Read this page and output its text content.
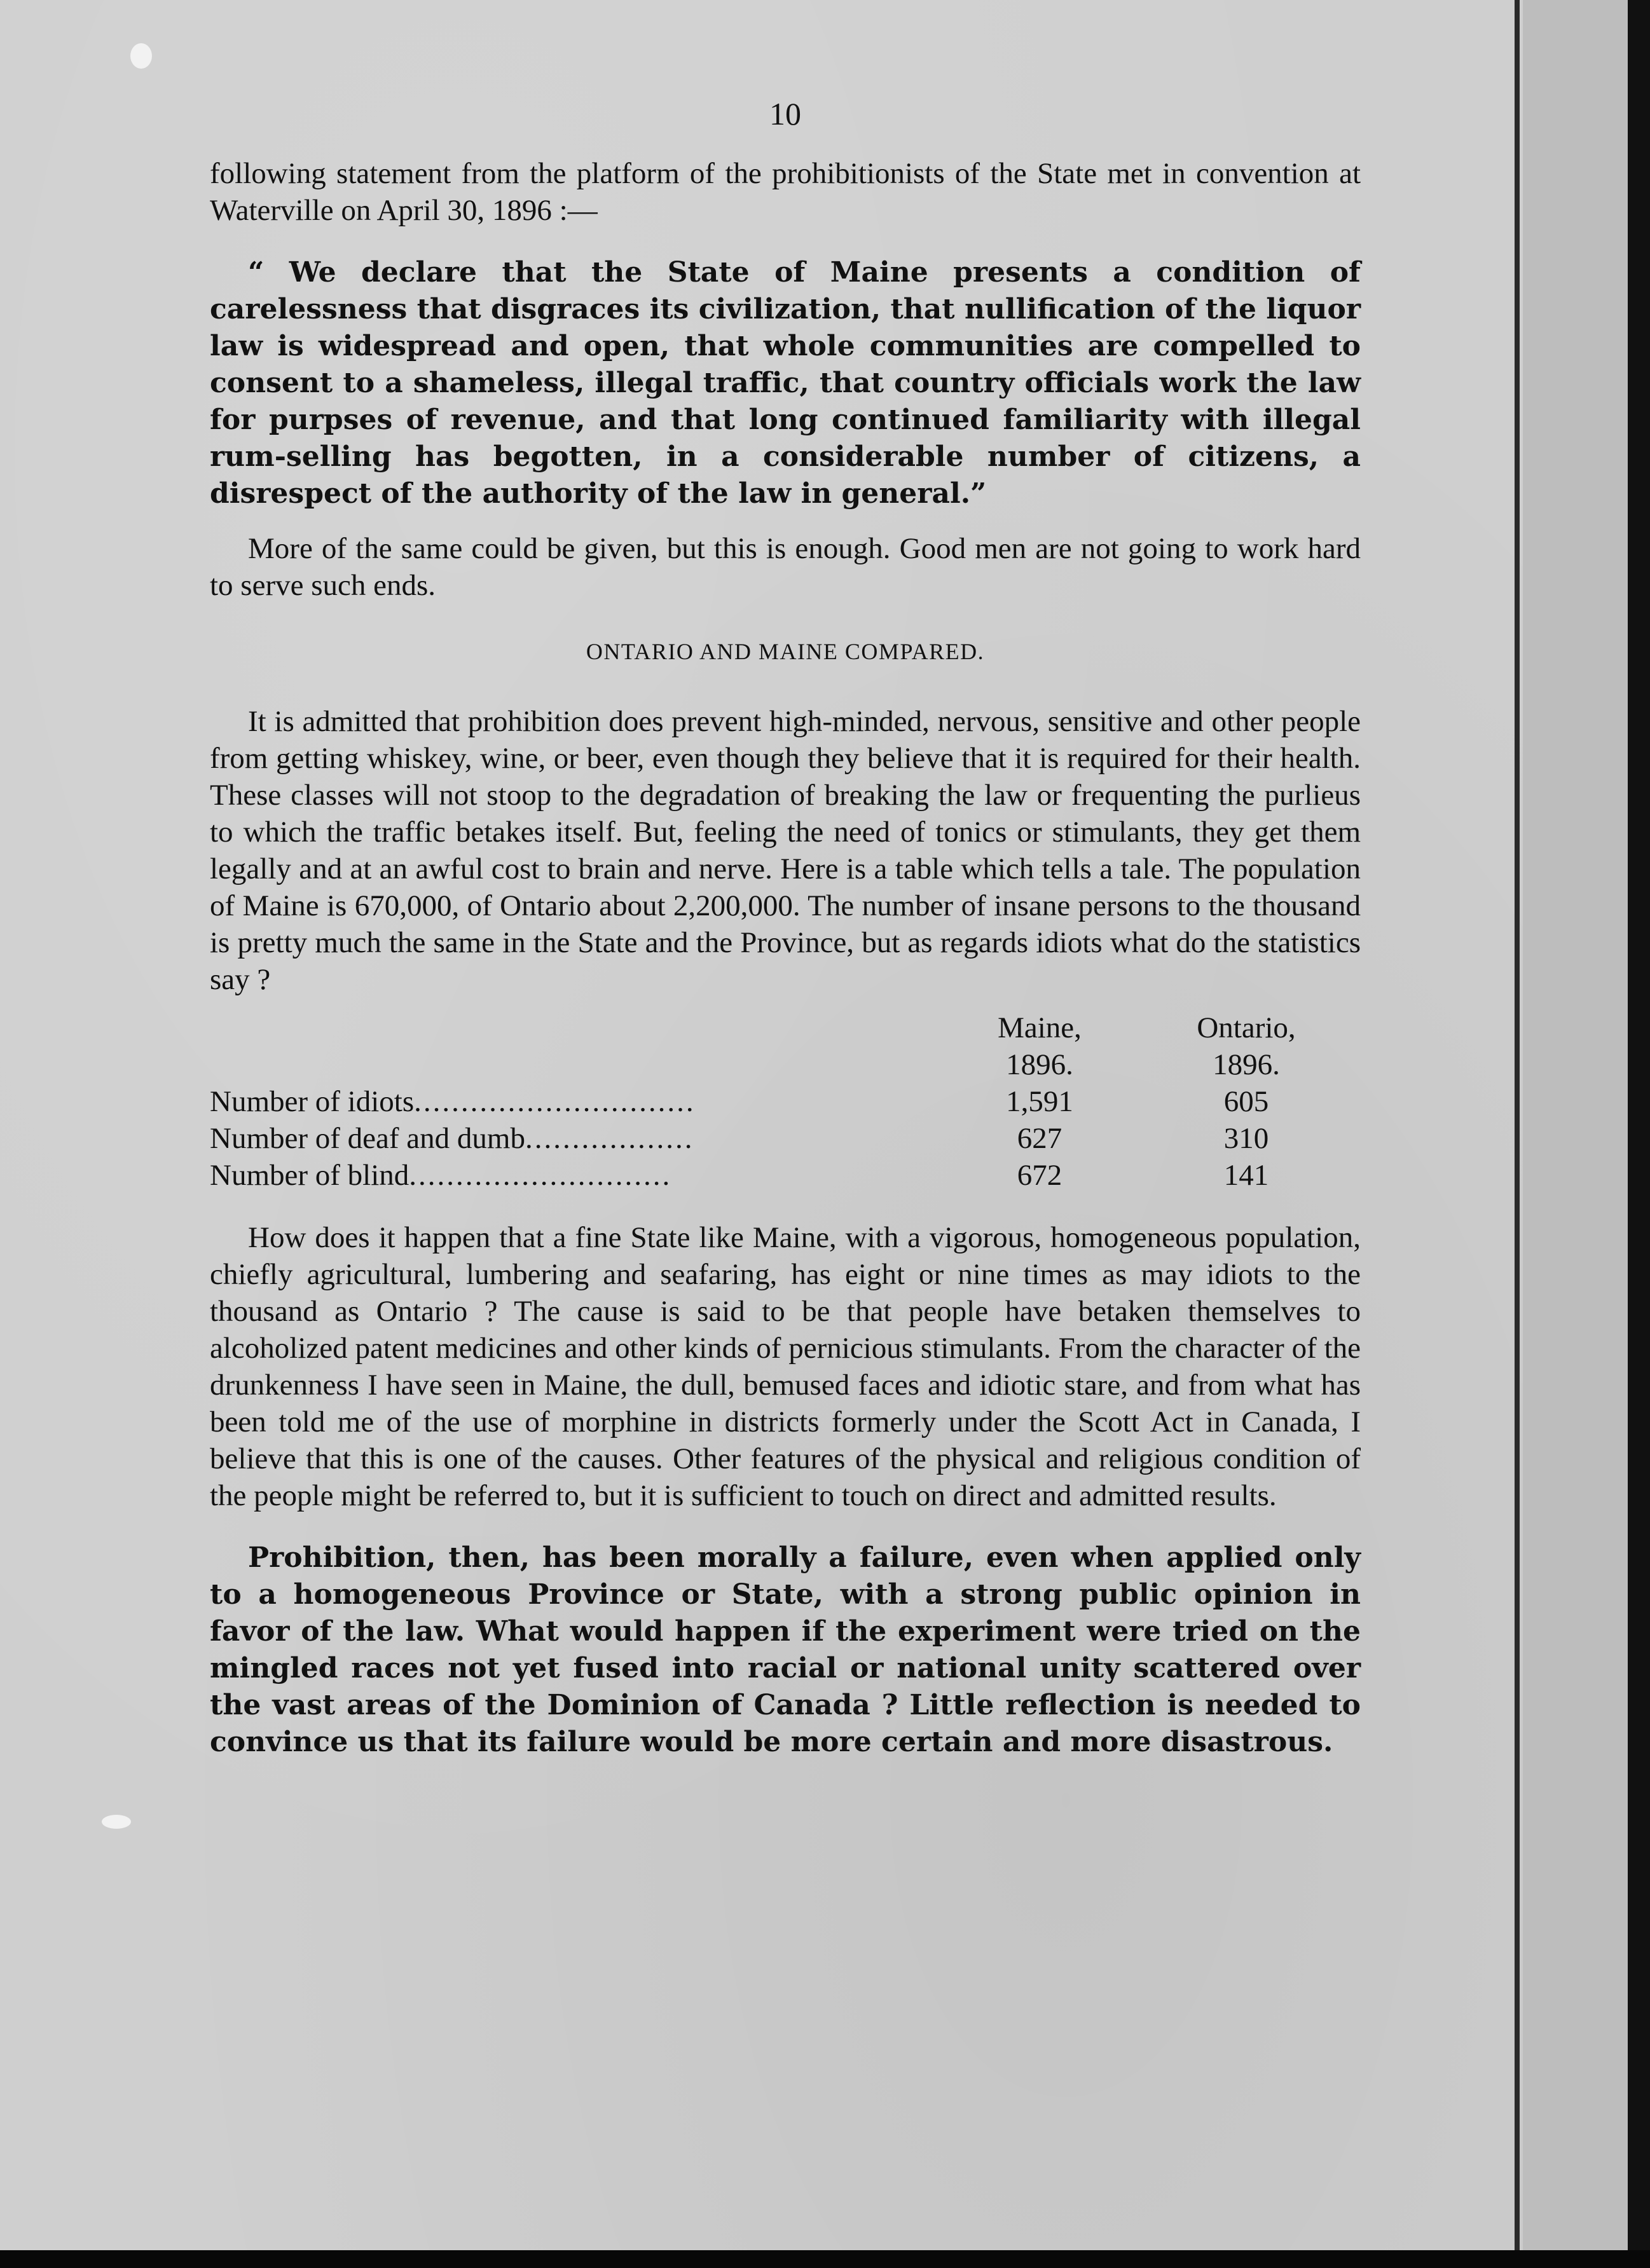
10

following statement from the platform of the prohibitionists of the State met in convention at Waterville on April 30, 1896 :—

“ We declare that the State of Maine presents a condition of carelessness that disgraces its civilization, that nullification of the liquor law is widespread and open, that whole communities are compelled to consent to a shameless, illegal traffic, that country officials work the law for purpses of revenue, and that long continued familiarity with illegal rum-selling has begotten, in a considerable number of citizens, a disrespect of the authority of the law in general.”

More of the same could be given, but this is enough. Good men are not going to work hard to serve such ends.

ONTARIO AND MAINE COMPARED.

It is admitted that prohibition does prevent high-minded, nervous, sensitive and other people from getting whiskey, wine, or beer, even though they believe that it is required for their health. These classes will not stoop to the degradation of breaking the law or frequenting the purlieus to which the traffic betakes itself. But, feeling the need of tonics or stimulants, they get them legally and at an awful cost to brain and nerve. Here is a table which tells a tale. The population of Maine is 670,000, of Ontario about 2,200,000. The number of insane persons to the thousand is pretty much the same in the State and the Province, but as regards idiots what do the statistics say ?

	Maine,	Ontario,
	1896.	1896.
Number of idiots..............................	1,591	605
Number of deaf and dumb..................	627	310
Number of blind............................	672	141

How does it happen that a fine State like Maine, with a vigorous, homogeneous population, chiefly agricultural, lumbering and seafaring, has eight or nine times as may idiots to the thousand as Ontario ? The cause is said to be that people have betaken themselves to alcoholized patent medicines and other kinds of pernicious stimulants. From the character of the drunkenness I have seen in Maine, the dull, bemused faces and idiotic stare, and from what has been told me of the use of morphine in districts formerly under the Scott Act in Canada, I believe that this is one of the causes. Other features of the physical and religious condition of the people might be referred to, but it is sufficient to touch on direct and admitted results.

Prohibition, then, has been morally a failure, even when applied only to a homogeneous Province or State, with a strong public opinion in favor of the law. What would happen if the experiment were tried on the mingled races not yet fused into racial or national unity scattered over the vast areas of the Dominion of Canada ? Little reflection is needed to convince us that its failure would be more certain and more disastrous.
